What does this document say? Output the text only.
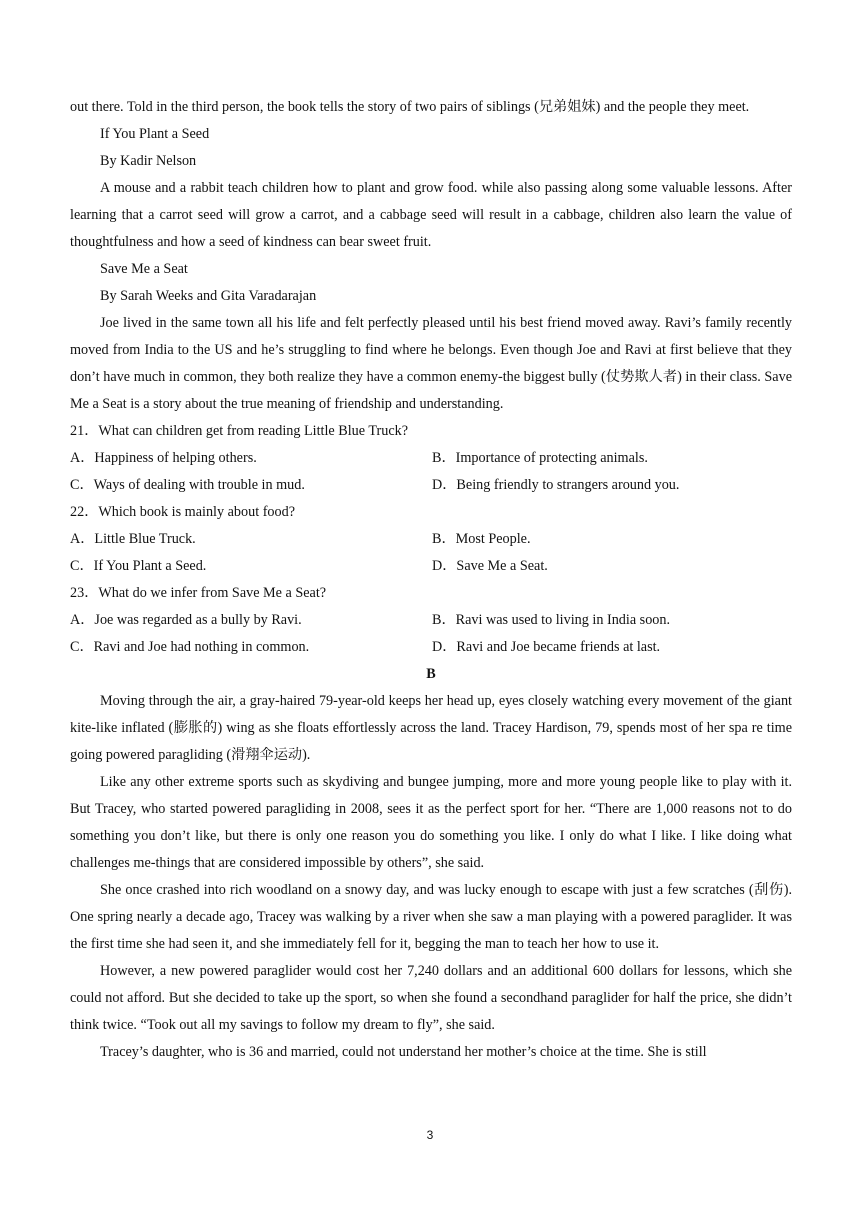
out there. Told in the third person, the book tells the story of two pairs of siblings (兄弟姐妹) and the people they meet.

If You Plant a Seed

By Kadir Nelson

A mouse and a rabbit teach children how to plant and grow food. while also passing along some valuable lessons. After learning that a carrot seed will grow a carrot, and a cabbage seed will result in a cabbage, children also learn the value of thoughtfulness and how a seed of kindness can bear sweet fruit.

Save Me a Seat

By Sarah Weeks and Gita Varadarajan

Joe lived in the same town all his life and felt perfectly pleased until his best friend moved away. Ravi’s family recently moved from India to the US and he’s struggling to find where he belongs. Even though Joe and Ravi at first believe that they don’t have much in common, they both realize they have a common enemy-the biggest bully (仗势欺人者) in their class. Save Me a Seat is a story about the true meaning of friendship and understanding.

21．What can children get from reading Little Blue Truck?

A．Happiness of helping others.	B．Importance of protecting animals.
C．Ways of dealing with trouble in mud.	D．Being friendly to strangers around you.

22．Which book is mainly about food?

A．Little Blue Truck.	B．Most People.
C．If You Plant a Seed.	D．Save Me a Seat.

23．What do we infer from Save Me a Seat?

A．Joe was regarded as a bully by Ravi.	B．Ravi was used to living in India soon.
C．Ravi and Joe had nothing in common.	D．Ravi and Joe became friends at last.

B

Moving through the air, a gray-haired 79-year-old keeps her head up, eyes closely watching every movement of the giant kite-like inflated (膨胀的) wing as she floats effortlessly across the land. Tracey Hardison, 79, spends most of her spa re time going powered paragliding (滑翔伞运动).

Like any other extreme sports such as skydiving and bungee jumping, more and more young people like to play with it. But Tracey, who started powered paragliding in 2008, sees it as the perfect sport for her. “There are 1,000 reasons not to do something you don’t like, but there is only one reason you do something you like. I only do what I like. I like doing what challenges me-things that are considered impossible by others”, she said.

She once crashed into rich woodland on a snowy day, and was lucky enough to escape with just a few scratches (刮伤). One spring nearly a decade ago, Tracey was walking by a river when she saw a man playing with a powered paraglider. It was the first time she had seen it, and she immediately fell for it, begging the man to teach her how to use it.

However, a new powered paraglider would cost her 7,240 dollars and an additional 600 dollars for lessons, which she could not afford. But she decided to take up the sport, so when she found a secondhand paraglider for half the price, she didn’t think twice. “Took out all my savings to follow my dream to fly”, she said.

Tracey’s daughter, who is 36 and married, could not understand her mother’s choice at the time. She is still

3
